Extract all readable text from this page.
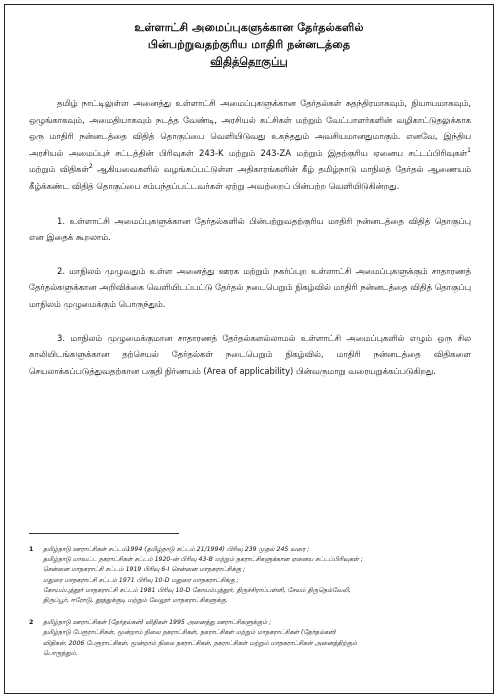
உள்ளாட்சி அமைப்புகளுக்கான தேர்தல்களில்
பின்பற்றுவதற்குரிய மாதிரி நன்னடத்தை
விதித்தொகுப்பு

தமிழ் நாட்டிலுள்ள அனைத்து உள்ளாட்சி அமைப்புகளுக்கான தேர்தல்கள் சுதந்திரமாகவும், நியாயமாகவும், ஒழுங்காகவும், அமைதியாகவும் நடத்த வேண்டி, அரசியல் கட்சிகள் மற்றும் வேட்பாளர்களின் வழிகாட்டுதலுக்காக ஒரு மாதிரி நன்னடத்தை விதித் தொகுப்பை வெளியிடுவது உகந்ததும் அவசியமானதுமாகும். எனவே, இந்திய அரசியல் அமைப்புச் சட்டத்தின் பிரிவுகள் 243-K மற்றும் 243-ZA மற்றும் இதற்குரிய ஏனைய சட்டப்பிரிவுகள்$^1$ மற்றும் விதிகள்$^2$ ஆகியவைகளில் வழங்கப்பட்டுள்ள அதிகாரங்களின் கீழ் தமிழ்நாடு மாநிலத் தேர்தல் ஆணையம் கீழ்க்கண்ட விதித் தொகுப்பை சம்பந்தப்பட்டவர்கள் ஏற்று அவற்றைப் பின்பற்ற வெளியிடுகின்றது.

1. உள்ளாட்சி அமைப்புகளுக்கான தேர்தல்களில் பின்பற்றுவதற்குரிய மாதிரி நன்னடத்தை விதித் தொகுப்பு என இதைக் கூறலாம்.

2. மாநிலம் முழுவதும் உள்ள அனைத்து ஊரக மற்றும் நகர்ப்புற உள்ளாட்சி அமைப்புகளுக்கும் சாதாரணத் தேர்தல்களுக்கான அறிவிக்கை வெளியிடப்பட்டு தேர்தல் நடைபெறும் நிகழ்வில் மாதிரி நன்னடத்தை விதித் தொகுப்பு மாநிலம் முழுமைக்கும் பொருந்தும்.

3. மாநிலம் முழுமைக்குமான சாதாரணத் தேர்தல்களல்லாமல் உள்ளாட்சி அமைப்புகளில் எழும் ஒரு சில காலியிடங்களுக்கான தற்செயல் தேர்தல்கள் நடைபெறும் நிகழ்வில், மாதிரி நன்னடத்தை விதிகளை செயலாக்கப்படுத்துவதற்கான பகுதி நிர்ணயம் (Area of applicability) பின்வருமாறு வரையறுக்கப்படுகிறது.

1	தமிழ்நாடு ஊராட்சிகள் சட்டம்1994 (தமிழ்நாடு சட்டம் 21/1994) பிரிவு 239 முதல் 245 வரை ;
தமிழ்நாடு மாவட்ட நகராட்சிகள் சட்டம் 1920-ன் பிரிவு 43-B மற்றும் நகராட்சிகளுக்கான ஏனைய சட்டப்பிரிவுகள் ;
சென்னை மாநகராட்சி சட்டம் 1919 பிரிவு 6-I சென்னை மாநகராட்சிக்கு ;
மதுரை மாநகராட்சி சட்டம் 1971 பிரிவு 10-D மதுரை மாநகராட்சிக்கு ;
கோயம்புத்தூர் மாநகராட்சி சட்டம் 1981 பிரிவு 10-D கோயம்புத்தூர், திருச்சிராப்பள்ளி, சேலம் திருநெல்வேலி,
திருப்பூர், ஈரோடு, தூத்துக்குடி மற்றும் வேலூர் மாநகராட்சிகளுக்கு.
2	தமிழ்நாடு ஊராட்சிகள் (தேர்தல்கள்) விதிகள் 1995 அனைத்து ஊராட்சிகளுக்கும் ;
தமிழ்நாடு பேரூராட்சிகள், மூன்றாம் நிலை நகராட்சிகள், நகராட்சிகள் மற்றும் மாநகராட்சிகள் (தேர்தல்கள்)
விதிகள், 2006 பேரூராட்சிகள், மூன்றாம் நிலை நகராட்சிகள், நகராட்சிகள் மற்றும் மாநகராட்சிகள் அனைத்திற்கும்
பொருந்தும்.
